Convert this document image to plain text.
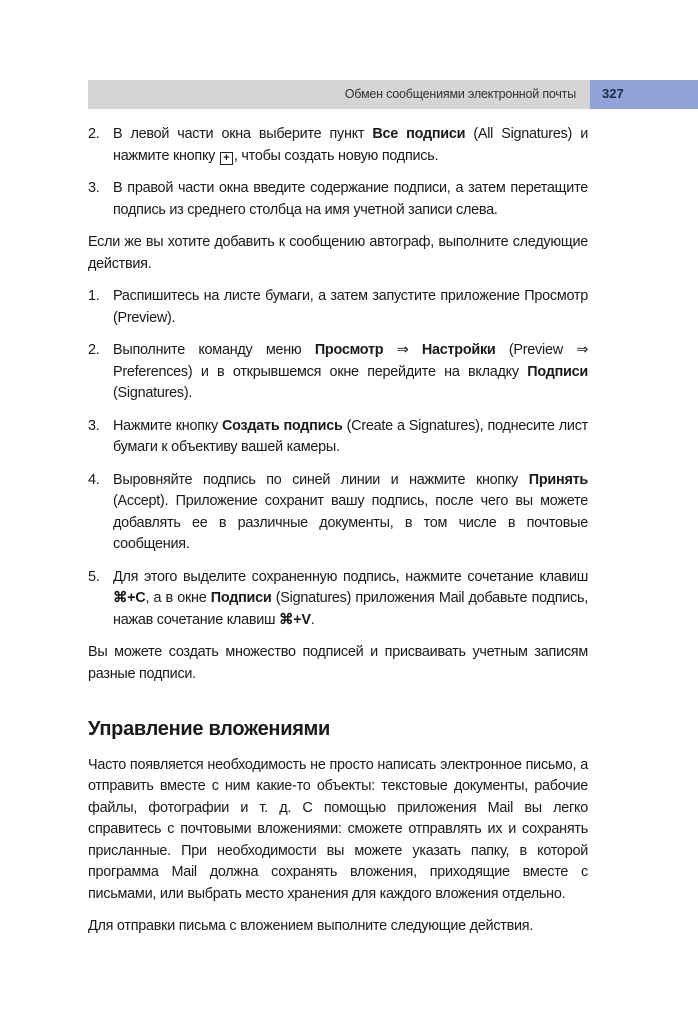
Обмен сообщениями электронной почты 327
2. В левой части окна выберите пункт Все подписи (All Signatures) и нажмите кнопку + , чтобы создать новую подпись.
3. В правой части окна введите содержание подписи, а затем перетащите подпись из среднего столбца на имя учетной записи слева.
Если же вы хотите добавить к сообщению автограф, выполните следующие действия.
1. Распишитесь на листе бумаги, а затем запустите приложение Просмотр (Preview).
2. Выполните команду меню Просмотр ⇒ Настройки (Preview ⇒ Preferences) и в открывшемся окне перейдите на вкладку Подписи (Signatures).
3. Нажмите кнопку Создать подпись (Create a Signatures), поднесите лист бумаги к объективу вашей камеры.
4. Выровняйте подпись по синей линии и нажмите кнопку Принять (Accept). Приложение сохранит вашу подпись, после чего вы можете добавлять ее в различные документы, в том числе в почтовые сообщения.
5. Для этого выделите сохраненную подпись, нажмите сочетание клавиш ⌘+C, а в окне Подписи (Signatures) приложения Mail добавьте подпись, нажав сочетание клавиш ⌘+V.
Вы можете создать множество подписей и присваивать учетным записям разные подписи.
Управление вложениями
Часто появляется необходимость не просто написать электронное письмо, а отправить вместе с ним какие-то объекты: текстовые документы, рабочие файлы, фотографии и т. д. С помощью приложения Mail вы легко справитесь с почтовыми вложениями: сможете отправлять их и сохранять присланные. При необходимости вы можете указать папку, в которой программа Mail должна сохранять вложения, приходящие вместе с письмами, или выбрать место хранения для каждого вложения отдельно.
Для отправки письма с вложением выполните следующие действия.
